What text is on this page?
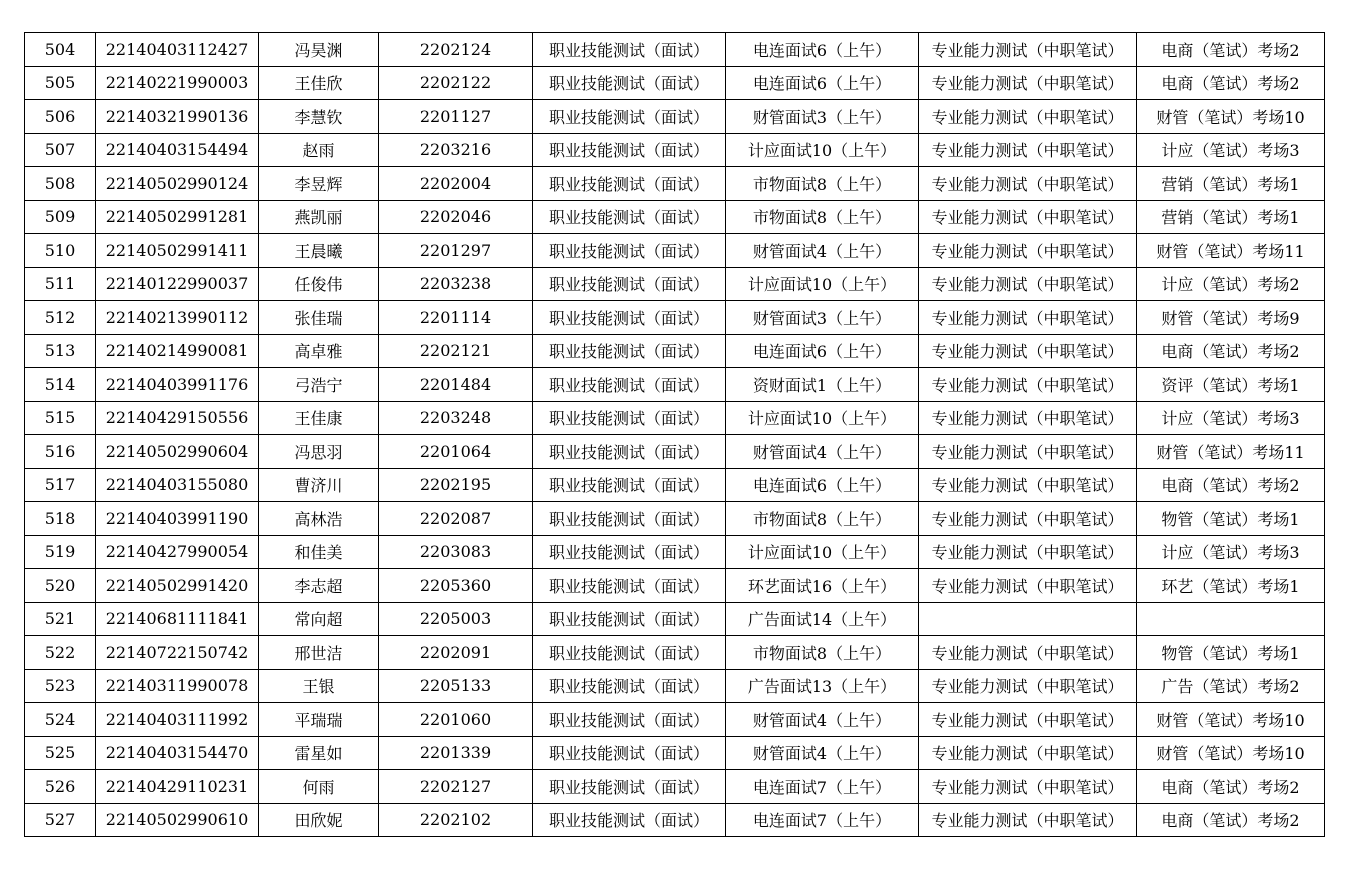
504	22140403112427	冯昊渊	2202124	职业技能测试（面试）	电连面试6（上午）	专业能力测试（中职笔试）	电商（笔试）考场2
505	22140221990003	王佳欣	2202122	职业技能测试（面试）	电连面试6（上午）	专业能力测试（中职笔试）	电商（笔试）考场2
506	22140321990136	李慧钦	2201127	职业技能测试（面试）	财管面试3（上午）	专业能力测试（中职笔试）	财管（笔试）考场10
507	22140403154494	赵雨	2203216	职业技能测试（面试）	计应面试10（上午）	专业能力测试（中职笔试）	计应（笔试）考场3
508	22140502990124	李昱辉	2202004	职业技能测试（面试）	市物面试8（上午）	专业能力测试（中职笔试）	营销（笔试）考场1
509	22140502991281	燕凯丽	2202046	职业技能测试（面试）	市物面试8（上午）	专业能力测试（中职笔试）	营销（笔试）考场1
510	22140502991411	王晨曦	2201297	职业技能测试（面试）	财管面试4（上午）	专业能力测试（中职笔试）	财管（笔试）考场11
511	22140122990037	任俊伟	2203238	职业技能测试（面试）	计应面试10（上午）	专业能力测试（中职笔试）	计应（笔试）考场2
512	22140213990112	张佳瑞	2201114	职业技能测试（面试）	财管面试3（上午）	专业能力测试（中职笔试）	财管（笔试）考场9
513	22140214990081	高卓雅	2202121	职业技能测试（面试）	电连面试6（上午）	专业能力测试（中职笔试）	电商（笔试）考场2
514	22140403991176	弓浩宁	2201484	职业技能测试（面试）	资财面试1（上午）	专业能力测试（中职笔试）	资评（笔试）考场1
515	22140429150556	王佳康	2203248	职业技能测试（面试）	计应面试10（上午）	专业能力测试（中职笔试）	计应（笔试）考场3
516	22140502990604	冯思羽	2201064	职业技能测试（面试）	财管面试4（上午）	专业能力测试（中职笔试）	财管（笔试）考场11
517	22140403155080	曹济川	2202195	职业技能测试（面试）	电连面试6（上午）	专业能力测试（中职笔试）	电商（笔试）考场2
518	22140403991190	高林浩	2202087	职业技能测试（面试）	市物面试8（上午）	专业能力测试（中职笔试）	物管（笔试）考场1
519	22140427990054	和佳美	2203083	职业技能测试（面试）	计应面试10（上午）	专业能力测试（中职笔试）	计应（笔试）考场3
520	22140502991420	李志超	2205360	职业技能测试（面试）	环艺面试16（上午）	专业能力测试（中职笔试）	环艺（笔试）考场1
521	22140681111841	常向超	2205003	职业技能测试（面试）	广告面试14（上午）		
522	22140722150742	邢世洁	2202091	职业技能测试（面试）	市物面试8（上午）	专业能力测试（中职笔试）	物管（笔试）考场1
523	22140311990078	王银	2205133	职业技能测试（面试）	广告面试13（上午）	专业能力测试（中职笔试）	广告（笔试）考场2
524	22140403111992	平瑞瑞	2201060	职业技能测试（面试）	财管面试4（上午）	专业能力测试（中职笔试）	财管（笔试）考场10
525	22140403154470	雷星如	2201339	职业技能测试（面试）	财管面试4（上午）	专业能力测试（中职笔试）	财管（笔试）考场10
526	22140429110231	何雨	2202127	职业技能测试（面试）	电连面试7（上午）	专业能力测试（中职笔试）	电商（笔试）考场2
527	22140502990610	田欣妮	2202102	职业技能测试（面试）	电连面试7（上午）	专业能力测试（中职笔试）	电商（笔试）考场2
